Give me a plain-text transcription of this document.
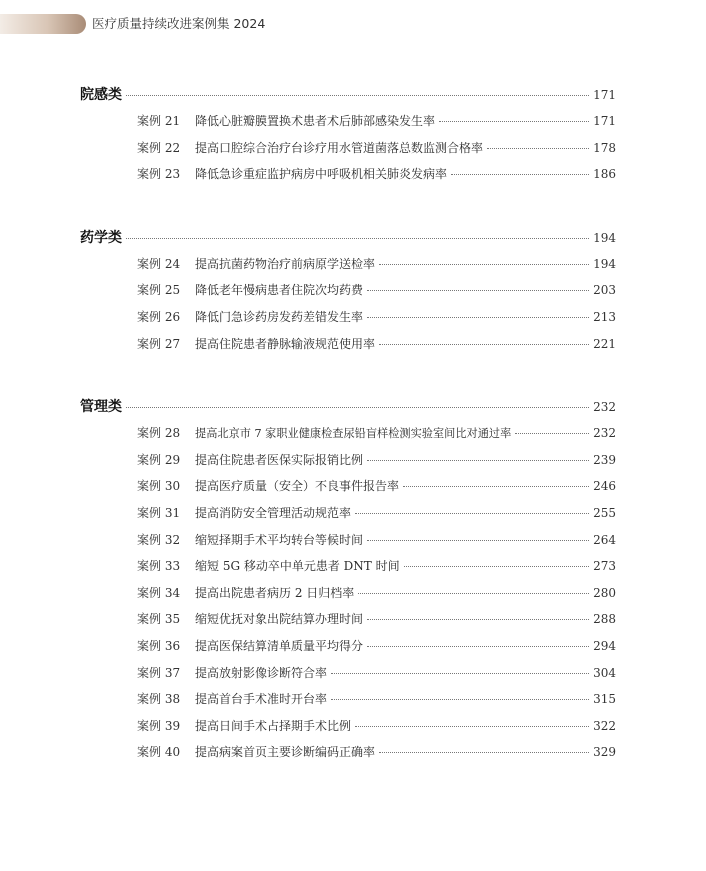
医疗质量持续改进案例集 2024
院感类	171
案例 21	降低心脏瓣膜置换术患者术后肺部感染发生率	171
案例 22	提高口腔综合治疗台诊疗用水管道菌落总数监测合格率	178
案例 23	降低急诊重症监护病房中呼吸机相关肺炎发病率	186
药学类	194
案例 24	提高抗菌药物治疗前病原学送检率	194
案例 25	降低老年慢病患者住院次均药费	203
案例 26	降低门急诊药房发药差错发生率	213
案例 27	提高住院患者静脉输液规范使用率	221
管理类	232
案例 28	提高北京市 7 家职业健康检查尿铅盲样检测实验室间比对通过率	232
案例 29	提高住院患者医保实际报销比例	239
案例 30	提高医疗质量（安全）不良事件报告率	246
案例 31	提高消防安全管理活动规范率	255
案例 32	缩短择期手术平均转台等候时间	264
案例 33	缩短 5G 移动卒中单元患者 DNT 时间	273
案例 34	提高出院患者病历 2 日归档率	280
案例 35	缩短优抚对象出院结算办理时间	288
案例 36	提高医保结算清单质量平均得分	294
案例 37	提高放射影像诊断符合率	304
案例 38	提高首台手术准时开台率	315
案例 39	提高日间手术占择期手术比例	322
案例 40	提高病案首页主要诊断编码正确率	329
